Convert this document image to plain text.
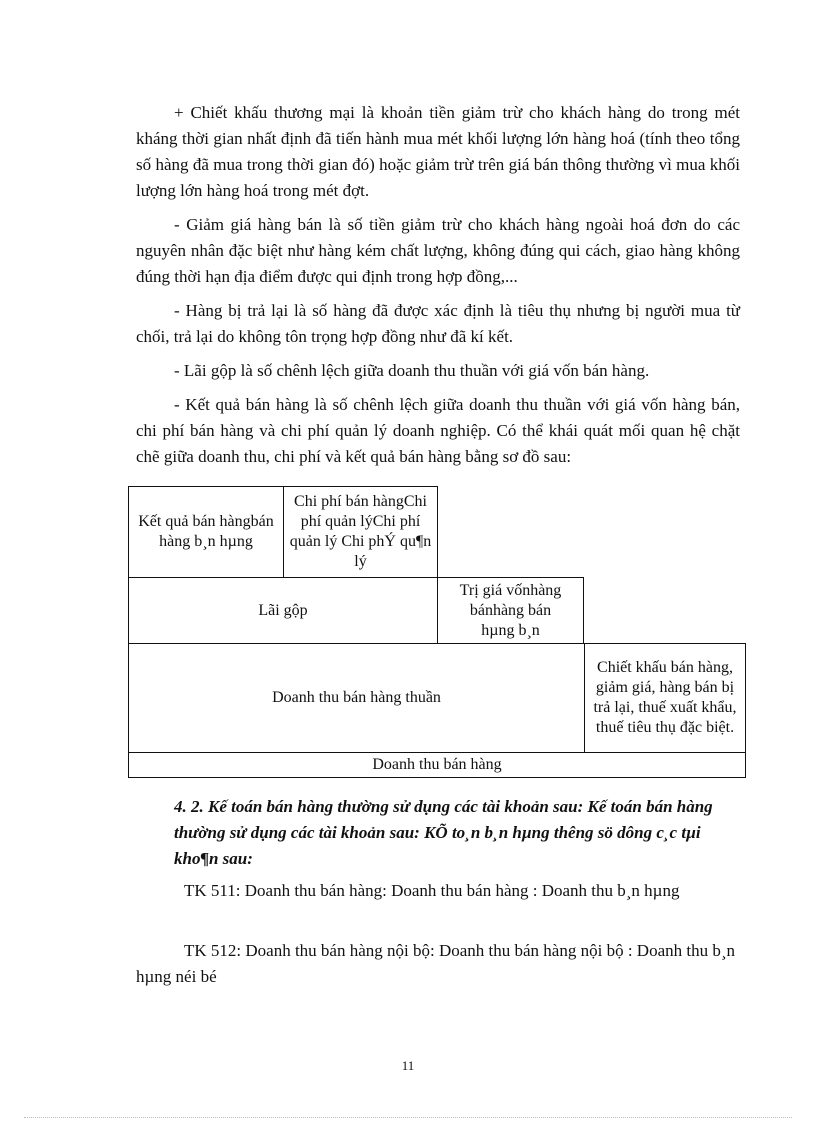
+ Chiết khấu thương mại là khoản tiền giảm trừ cho khách hàng do trong mét kháng thời gian nhất định đã tiến hành mua mét khối lượng lớn hàng hoá (tính theo tổng số hàng đã mua trong thời gian đó) hoặc giảm trừ trên giá bán thông thường vì mua khối lượng lớn hàng hoá trong mét đợt.

- Giảm giá hàng bán là số tiền giảm trừ cho khách hàng ngoài hoá đơn do các nguyên nhân đặc biệt như hàng kém chất lượng, không đúng qui cách, giao hàng không đúng thời hạn địa điểm được qui định trong hợp đồng,...

- Hàng bị trả lại là số hàng đã được xác định là tiêu thụ nhưng bị người mua từ chối, trả lại do không tôn trọng hợp đồng như đã kí kết.

- Lãi gộp là số chênh lệch giữa doanh thu thuần với giá vốn bán hàng.

- Kết quả bán hàng là số chênh lệch giữa doanh thu thuần với giá vốn hàng bán, chi phí bán hàng và chi phí quản lý doanh nghiệp. Có thể khái quát mối quan hệ chặt chẽ giữa doanh thu, chi phí và kết quả bán hàng bằng sơ đồ sau:

Kết quả bán hàngbán hàng b¸n hµng
Chi phí bán hàngChi phí quản lýChi phí quản lý Chi phÝ qu¶n lý
Lãi gộp
Trị giá vốnhàng bánhàng bán hµng b¸n
Doanh thu bán hàng thuần
Chiết khấu bán hàng, giảm giá, hàng bán bị trả lại, thuế xuất khẩu, thuế tiêu thụ đặc biệt.
Doanh thu bán hàng

4. 2. Kế toán bán hàng thường sử dụng các tài khoản sau: Kế toán bán hàng thường sử dụng các tài khoản sau: KÕ to¸n b¸n hµng thêng sö dông c¸c tµi kho¶n sau:

TK 511: Doanh thu bán hàng: Doanh thu bán hàng : Doanh thu b¸n hµng

TK 512: Doanh thu bán hàng nội bộ: Doanh thu bán hàng nội bộ : Doanh thu b¸n hµng néi bé

11
